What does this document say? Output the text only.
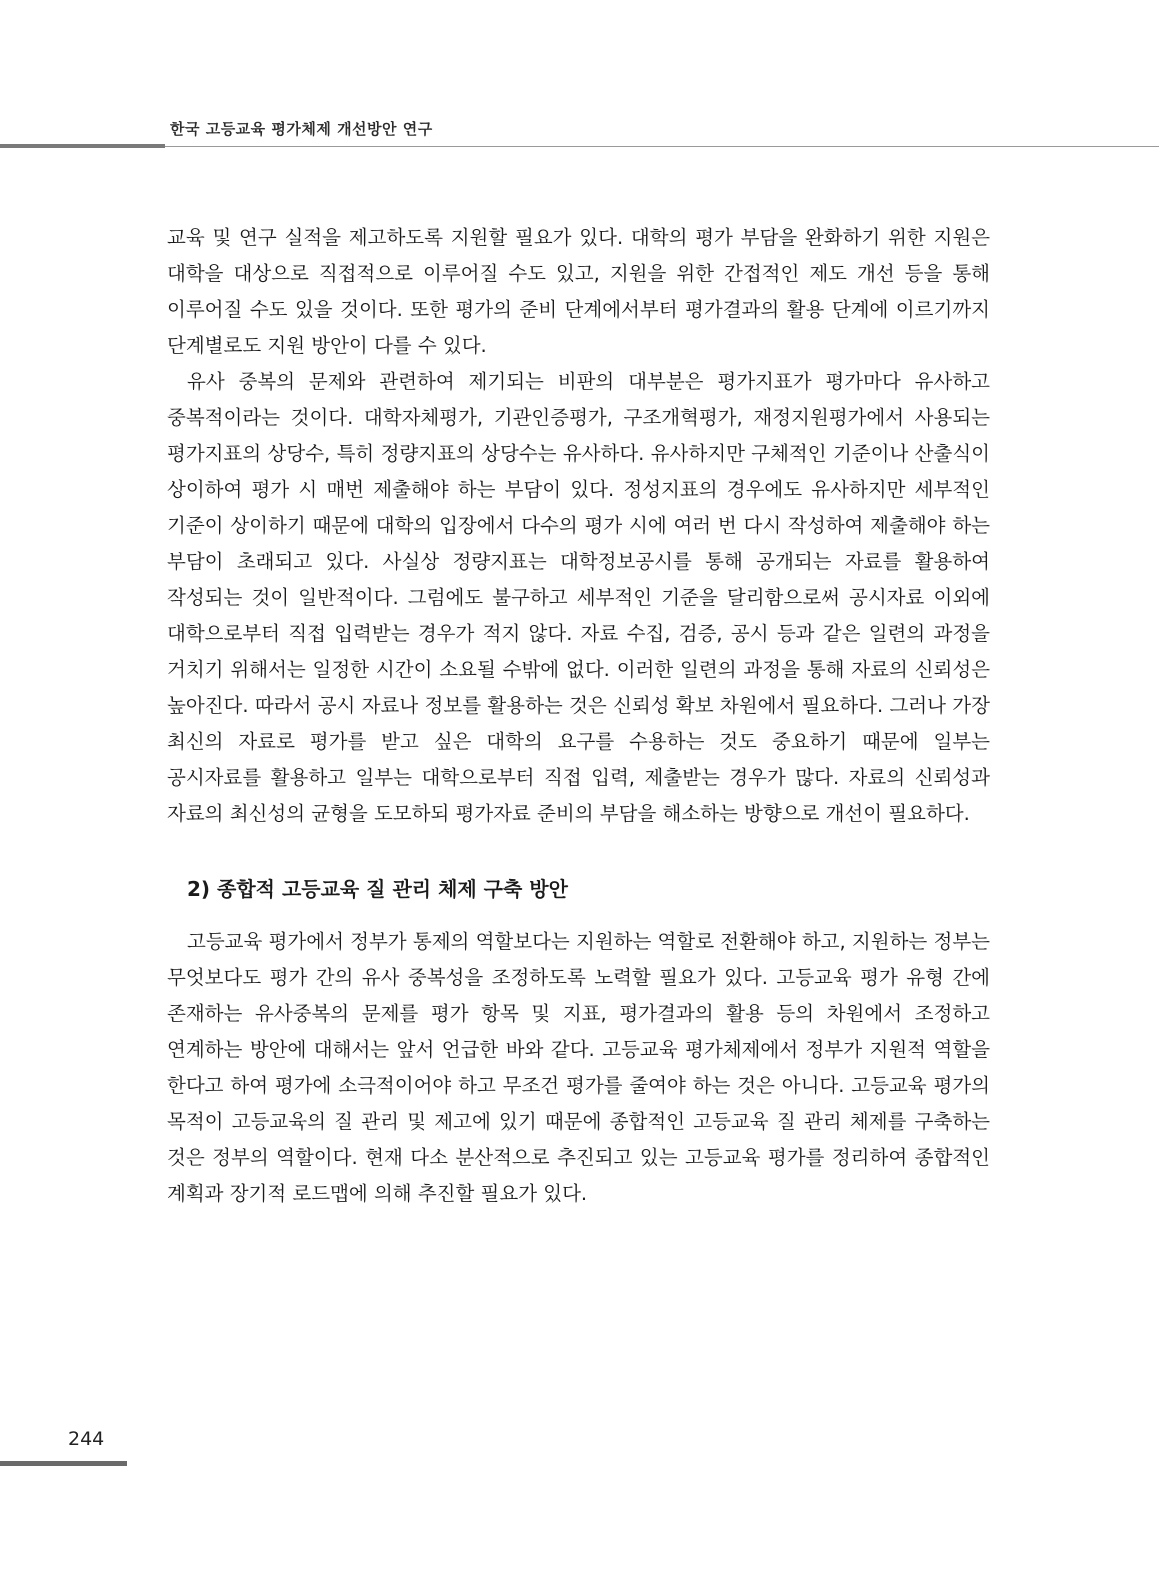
한국 고등교육 평가체제 개선방안 연구

교육 및 연구 실적을 제고하도록 지원할 필요가 있다. 대학의 평가 부담을 완화하기 위한 지원은 대학을 대상으로 직접적으로 이루어질 수도 있고, 지원을 위한 간접적인 제도 개선 등을 통해 이루어질 수도 있을 것이다. 또한 평가의 준비 단계에서부터 평가결과의 활용 단계에 이르기까지 단계별로도 지원 방안이 다를 수 있다.

유사 중복의 문제와 관련하여 제기되는 비판의 대부분은 평가지표가 평가마다 유사하고 중복적이라는 것이다. 대학자체평가, 기관인증평가, 구조개혁평가, 재정지원평가에서 사용되는 평가지표의 상당수, 특히 정량지표의 상당수는 유사하다. 유사하지만 구체적인 기준이나 산출식이 상이하여 평가 시 매번 제출해야 하는 부담이 있다. 정성지표의 경우에도 유사하지만 세부적인 기준이 상이하기 때문에 대학의 입장에서 다수의 평가 시에 여러 번 다시 작성하여 제출해야 하는 부담이 초래되고 있다. 사실상 정량지표는 대학정보공시를 통해 공개되는 자료를 활용하여 작성되는 것이 일반적이다. 그럼에도 불구하고 세부적인 기준을 달리함으로써 공시자료 이외에 대학으로부터 직접 입력받는 경우가 적지 않다. 자료 수집, 검증, 공시 등과 같은 일련의 과정을 거치기 위해서는 일정한 시간이 소요될 수밖에 없다. 이러한 일련의 과정을 통해 자료의 신뢰성은 높아진다. 따라서 공시 자료나 정보를 활용하는 것은 신뢰성 확보 차원에서 필요하다. 그러나 가장 최신의 자료로 평가를 받고 싶은 대학의 요구를 수용하는 것도 중요하기 때문에 일부는 공시자료를 활용하고 일부는 대학으로부터 직접 입력, 제출받는 경우가 많다. 자료의 신뢰성과 자료의 최신성의 균형을 도모하되 평가자료 준비의 부담을 해소하는 방향으로 개선이 필요하다.

2) 종합적 고등교육 질 관리 체제 구축 방안

고등교육 평가에서 정부가 통제의 역할보다는 지원하는 역할로 전환해야 하고, 지원하는 정부는 무엇보다도 평가 간의 유사 중복성을 조정하도록 노력할 필요가 있다. 고등교육 평가 유형 간에 존재하는 유사중복의 문제를 평가 항목 및 지표, 평가결과의 활용 등의 차원에서 조정하고 연계하는 방안에 대해서는 앞서 언급한 바와 같다. 고등교육 평가체제에서 정부가 지원적 역할을 한다고 하여 평가에 소극적이어야 하고 무조건 평가를 줄여야 하는 것은 아니다. 고등교육 평가의 목적이 고등교육의 질 관리 및 제고에 있기 때문에 종합적인 고등교육 질 관리 체제를 구축하는 것은 정부의 역할이다. 현재 다소 분산적으로 추진되고 있는 고등교육 평가를 정리하여 종합적인 계획과 장기적 로드맵에 의해 추진할 필요가 있다.

244
